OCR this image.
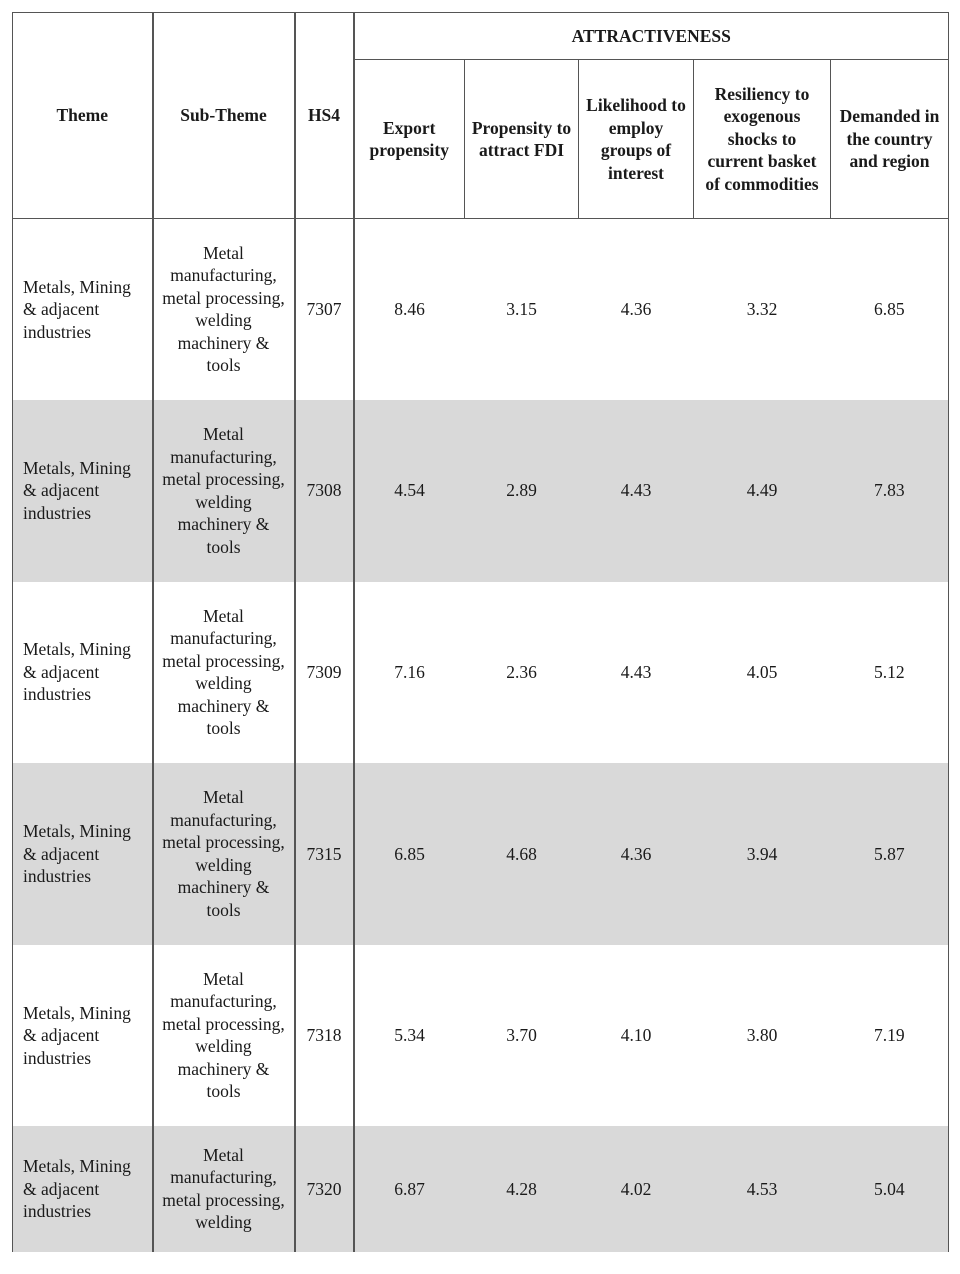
Theme	Sub-Theme	HS4	ATTRACTIVENESS				
			Export propensity	Propensity to attract FDI	Likelihood to employ groups of interest	Resiliency to exogenous shocks to current basket of commodities	Demanded in the country and region
Metals, Mining & adjacent industries	Metal manufacturing, metal processing, welding machinery & tools	7307	8.46	3.15	4.36	3.32	6.85
Metals, Mining & adjacent industries	Metal manufacturing, metal processing, welding machinery & tools	7308	4.54	2.89	4.43	4.49	7.83
Metals, Mining & adjacent industries	Metal manufacturing, metal processing, welding machinery & tools	7309	7.16	2.36	4.43	4.05	5.12
Metals, Mining & adjacent industries	Metal manufacturing, metal processing, welding machinery & tools	7315	6.85	4.68	4.36	3.94	5.87
Metals, Mining & adjacent industries	Metal manufacturing, metal processing, welding machinery & tools	7318	5.34	3.70	4.10	3.80	7.19
Metals, Mining & adjacent industries	Metal manufacturing, metal processing, welding	7320	6.87	4.28	4.02	4.53	5.04
